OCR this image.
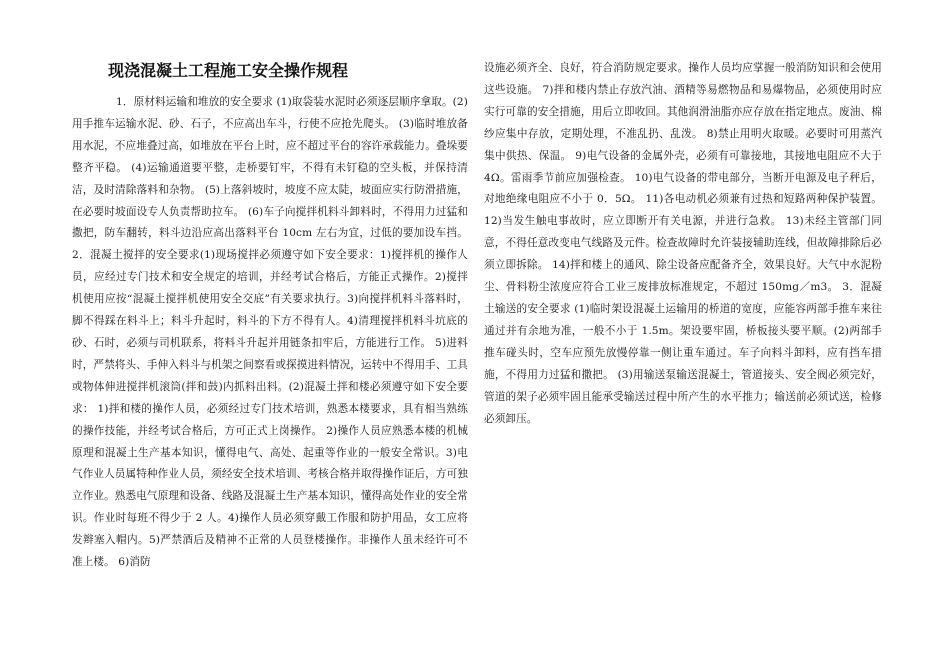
现浇混凝土工程施工安全操作规程
1．原材料运输和堆放的安全要求 (1)取袋装水泥时必须逐层顺序拿取。(2)用手推车运输水泥、砂、石子，不应高出车斗，行使不应抢先爬头。 (3)临时堆放备用水泥，不应堆叠过高，如堆放在平台上时，应不超过平台的容许承载能力。叠垛要整齐平稳。 (4)运输通道要平整，走桥要钉牢，不得有未钉稳的空头板，并保持清洁，及时清除落料和杂物。 (5)上落斜坡时，坡度不应太陡，坡面应实行防滑措施，在必要时坡面设专人负责帮助拉车。 (6)车子向搅拌机料斗卸料时，不得用力过猛和撒把，防车翻转，料斗边沿应高出落料平台 10cm 左右为宜，过低的要加设车挡。 2．混凝土搅拌的安全要求(1)现场搅拌必须遵守如下安全要求：1)搅拌机的操作人员，应经过专门技术和安全规定的培训，并经考试合格后，方能正式操作。2)搅拌机使用应按“混凝土搅拌机使用安全交底”有关要求执行。3)向搅拌机料斗落料时，脚不得踩在料斗上；料斗升起时，料斗的下方不得有人。4)清理搅拌机料斗坑底的砂、石时，必须与司机联系，将料斗升起并用链条扣牢后，方能进行工作。 5)进料时，严禁将头、手伸入料斗与机架之间察看或探摸进料情况，运转中不得用手、工具或物体伸进搅拌机滚筒(拌和鼓)内抓料出料。(2)混凝土拌和楼必须遵守如下安全要求： 1)拌和楼的操作人员，必须经过专门技术培训，熟悉本楼要求，具有相当熟练的操作技能，并经考试合格后，方可正式上岗操作。 2)操作人员应熟悉本楼的机械原理和混凝土生产基本知识，懂得电气、高处、起重等作业的一般安全常识。3)电气作业人员属特种作业人员，须经安全技术培训、考核合格并取得操作证后，方可独立作业。熟悉电气原理和设备、线路及混凝土生产基本知识，懂得高处作业的安全常识。作业时每班不得少于 2 人。4)操作人员必须穿戴工作服和防护用品，女工应将发辫塞入帽内。5)严禁酒后及精神不正常的人员登楼操作。非操作人虽未经许可不准上楼。 6)消防
设施必须齐全、良好，符合消防规定要求。操作人员均应掌握一般消防知识和会使用这些设施。 7)拌和楼内禁止存放汽油、酒精等易燃物品和易爆物品，必须使用时应实行可靠的安全措施，用后立即收回。其他润滑油脂亦应存放在指定地点。废油、棉纱应集中存放，定期处理，不准乱扔、乱泼。 8)禁止用明火取暖。必要时可用蒸汽集中供热、保温。 9)电气设备的金属外壳，必须有可靠接地，其接地电阻应不大于 4Ω。雷雨季节前应加强检查。 10)电气设备的带电部分，当断开电源及电子秤后，对地绝缘电阻应不小于 0．5Ω。 11)各电动机必须兼有过热和短路两种保护装置。 12)当发生触电事故时，应立即断开有关电源，并进行急救。 13)未经主管部门同意，不得任意改变电气线路及元件。检查故障时允许装接辅助连线，但故障排除后必须立即拆除。 14)拌和楼上的通风、除尘设备应配备齐全，效果良好。大气中水泥粉尘、骨料粉尘浓度应符合工业三废排放标准规定，不超过 150mg／m3。 3．混凝土输送的安全要求 (1)临时架设混凝土运输用的桥道的宽度，应能容两部手推车来往通过并有余地为准，一般不小于 1.5m。架设要牢固，桥板接头要平顺。(2)两部手推车碰头时，空车应预先放慢停靠一侧让重车通过。车子向料斗卸料，应有挡车措施，不得用力过猛和撒把。 (3)用输送泵输送混凝土，管道接头、安全阀必须完好，管道的架子必须牢固且能承受输送过程中所产生的水平推力；输送前必须试送，检修必须卸压。
